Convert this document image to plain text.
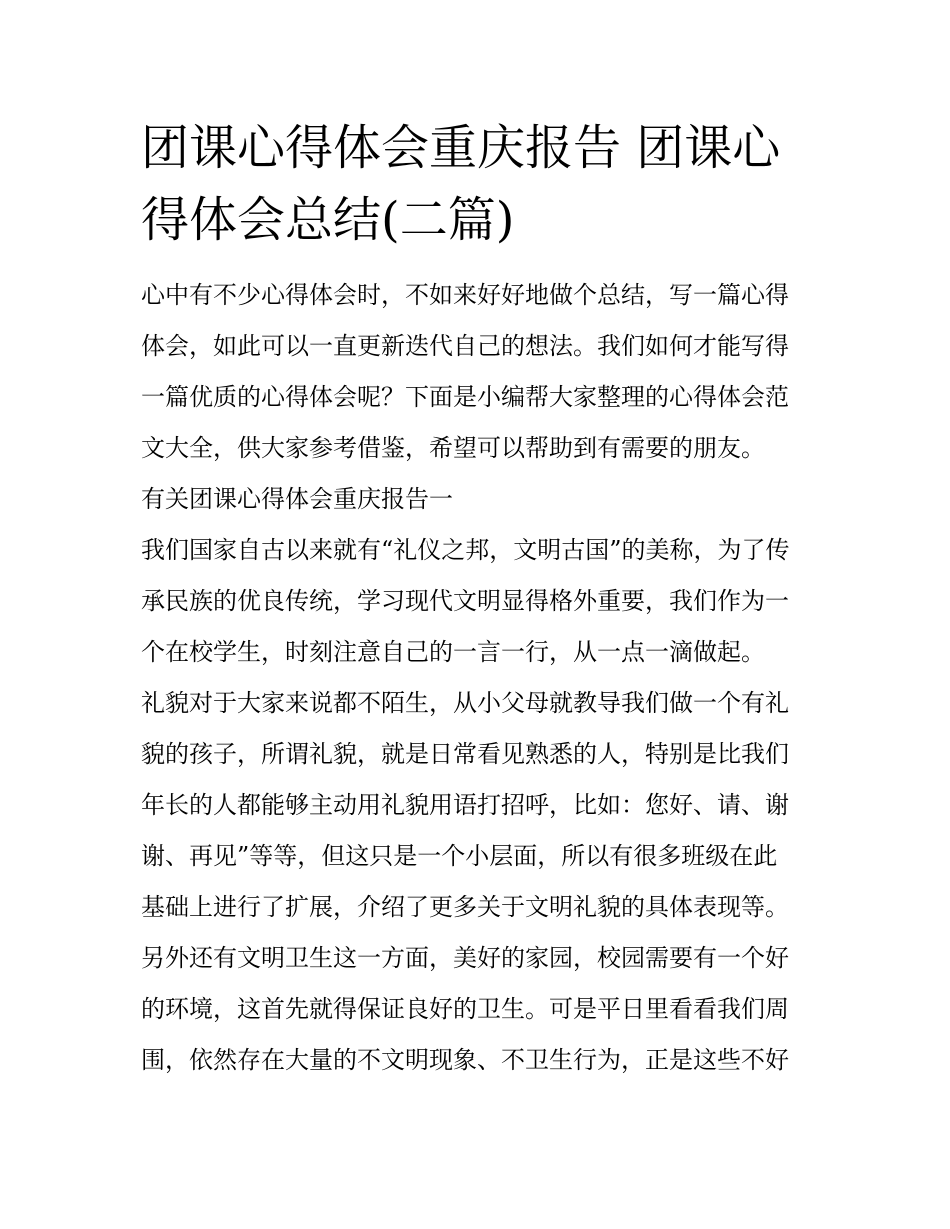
团课心得体会重庆报告 团课心
得体会总结(二篇)

心中有不少心得体会时，不如来好好地做个总结，写一篇心得
体会，如此可以一直更新迭代自己的想法。我们如何才能写得
一篇优质的心得体会呢？下面是小编帮大家整理的心得体会范
文大全，供大家参考借鉴，希望可以帮助到有需要的朋友。

有关团课心得体会重庆报告一

我们国家自古以来就有“礼仪之邦，文明古国”的美称，为了传
承民族的优良传统，学习现代文明显得格外重要，我们作为一
个在校学生，时刻注意自己的一言一行，从一点一滴做起。

礼貌对于大家来说都不陌生，从小父母就教导我们做一个有礼
貌的孩子，所谓礼貌，就是日常看见熟悉的人，特别是比我们
年长的人都能够主动用礼貌用语打招呼，比如：您好、请、谢
谢、再见”等等，但这只是一个小层面，所以有很多班级在此
基础上进行了扩展，介绍了更多关于文明礼貌的具体表现等。

另外还有文明卫生这一方面，美好的家园，校园需要有一个好
的环境，这首先就得保证良好的卫生。可是平日里看看我们周
围，依然存在大量的不文明现象、不卫生行为，正是这些不好
